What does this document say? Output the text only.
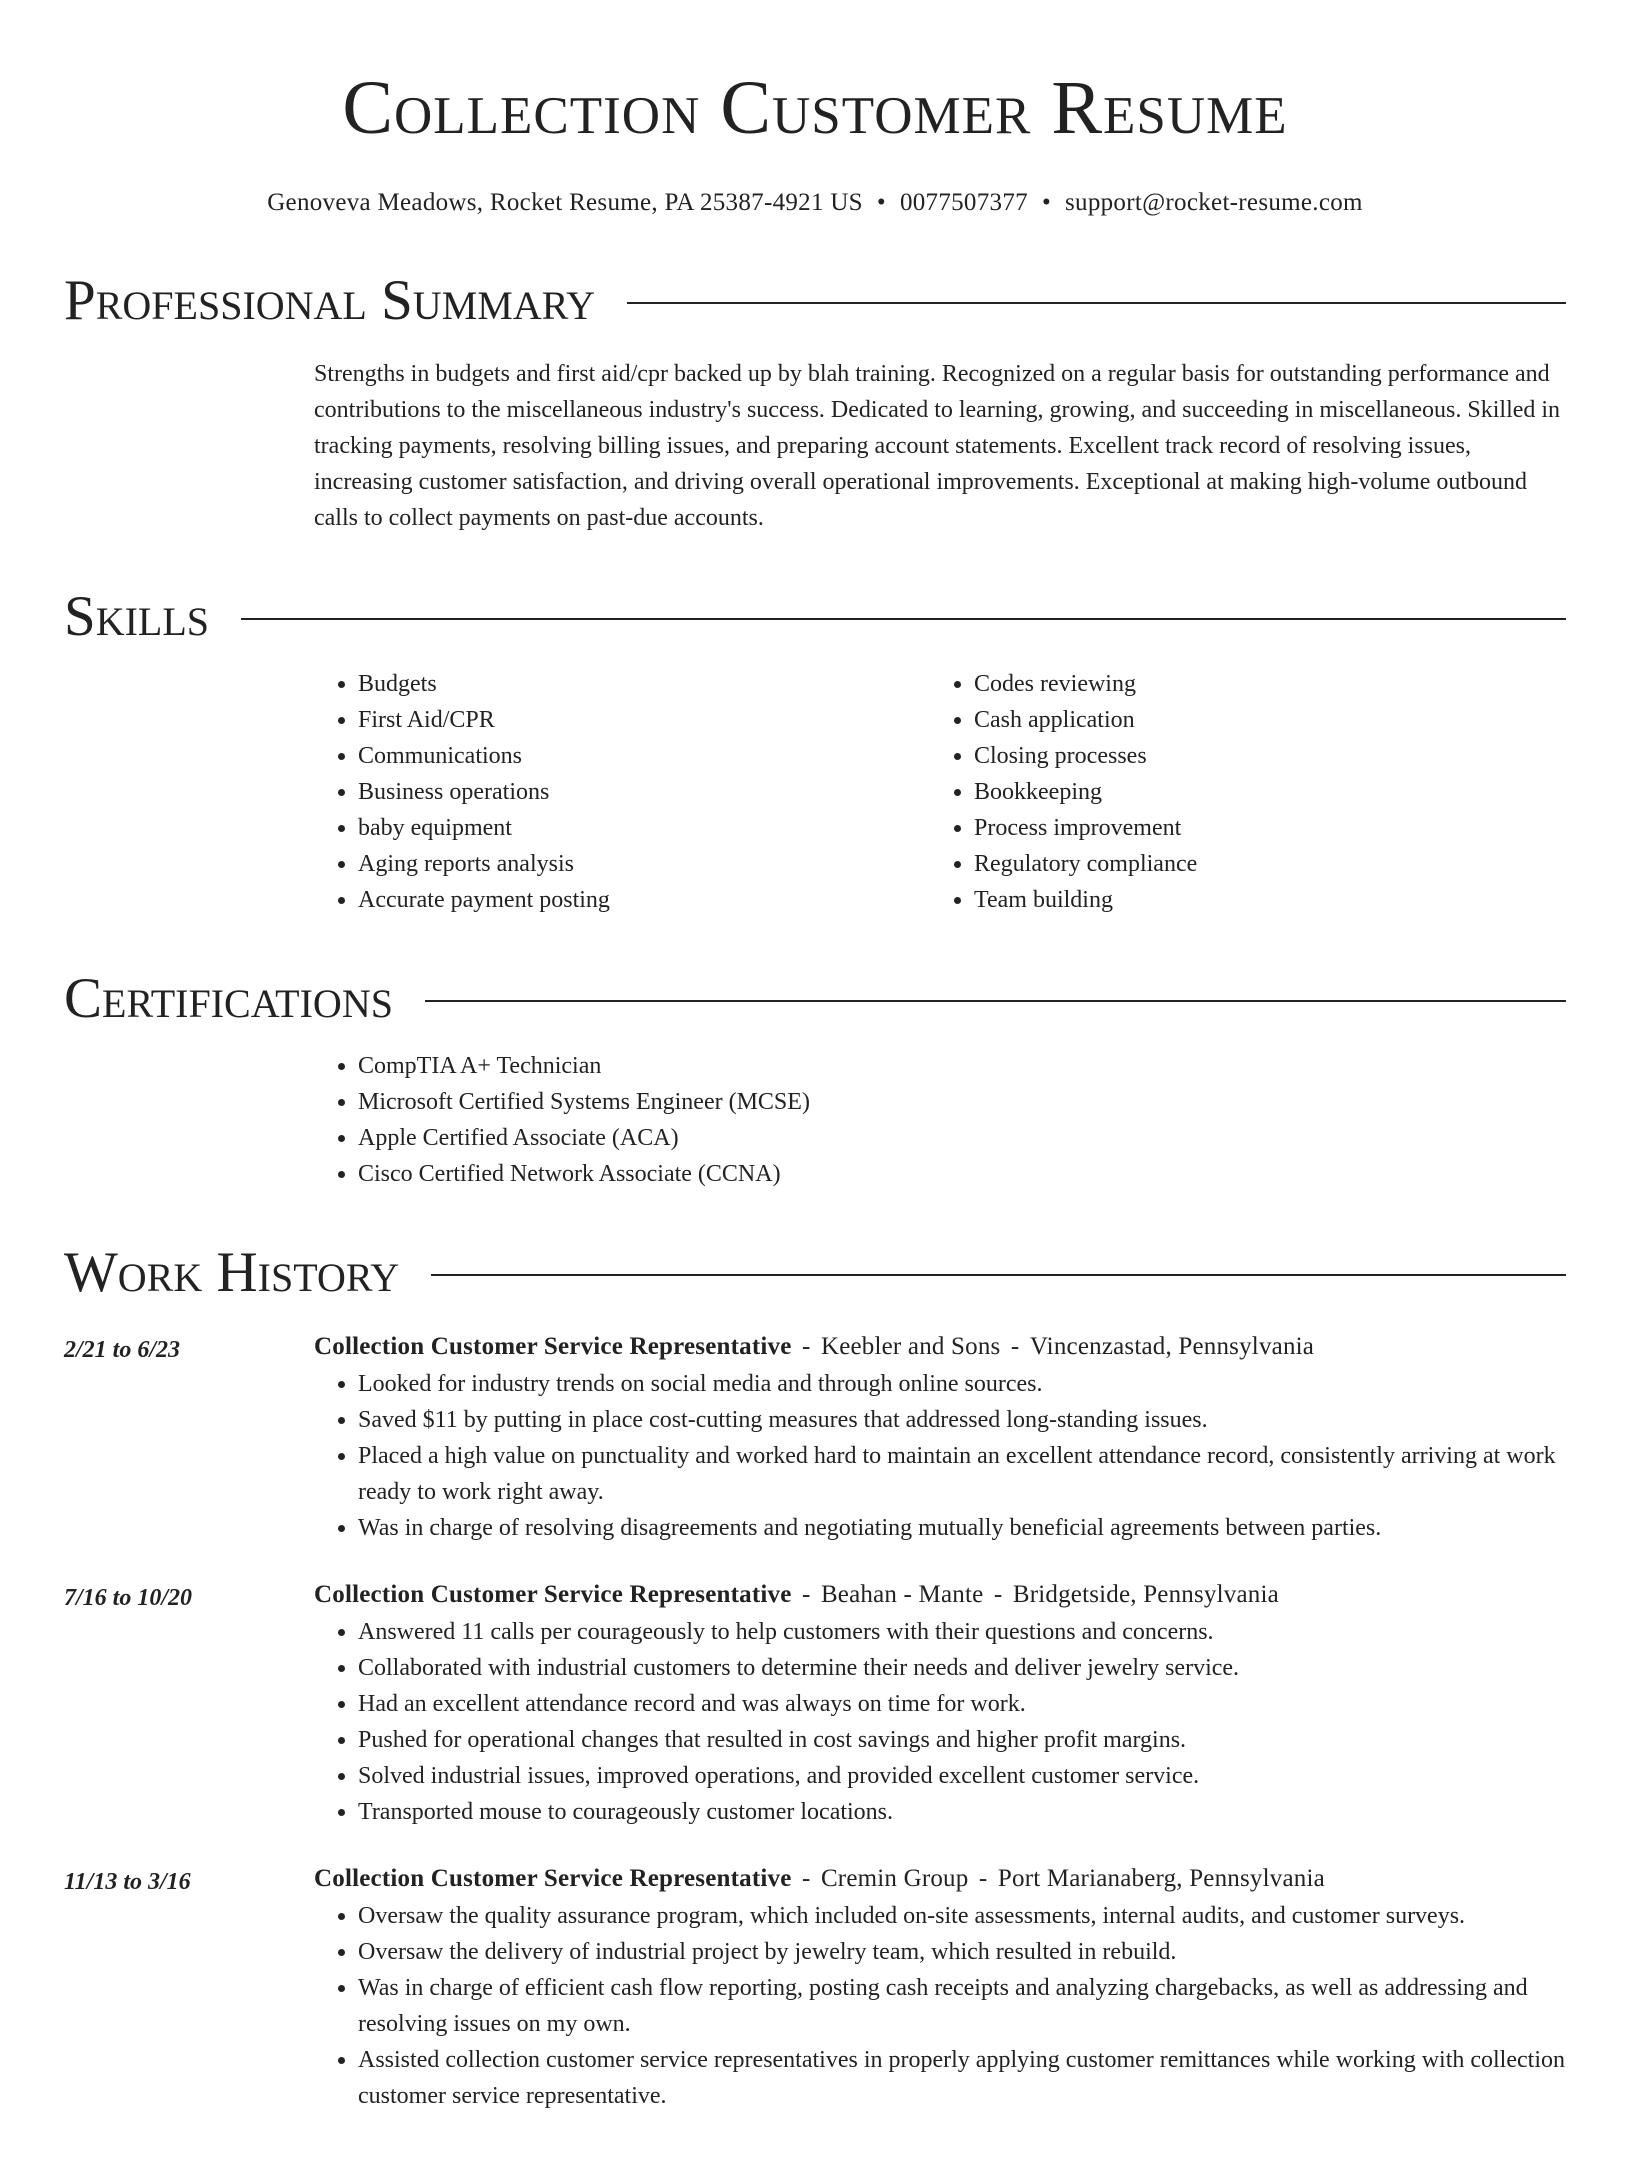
Collection Customer Resume
Genoveva Meadows, Rocket Resume, PA 25387-4921 US • 0077507377 • support@rocket-resume.com
Professional Summary
Strengths in budgets and first aid/cpr backed up by blah training. Recognized on a regular basis for outstanding performance and contributions to the miscellaneous industry's success. Dedicated to learning, growing, and succeeding in miscellaneous. Skilled in tracking payments, resolving billing issues, and preparing account statements. Excellent track record of resolving issues, increasing customer satisfaction, and driving overall operational improvements. Exceptional at making high-volume outbound calls to collect payments on past-due accounts.
Skills
• Budgets
• First Aid/CPR
• Communications
• Business operations
• baby equipment
• Aging reports analysis
• Accurate payment posting
• Codes reviewing
• Cash application
• Closing processes
• Bookkeeping
• Process improvement
• Regulatory compliance
• Team building
Certifications
• CompTIA A+ Technician
• Microsoft Certified Systems Engineer (MCSE)
• Apple Certified Associate (ACA)
• Cisco Certified Network Associate (CCNA)
Work History
2/21 to 6/23	Collection Customer Service Representative - Keebler and Sons - Vincenzastad, Pennsylvania
• Looked for industry trends on social media and through online sources.
• Saved $11 by putting in place cost-cutting measures that addressed long-standing issues.
• Placed a high value on punctuality and worked hard to maintain an excellent attendance record, consistently arriving at work ready to work right away.
• Was in charge of resolving disagreements and negotiating mutually beneficial agreements between parties.
7/16 to 10/20	Collection Customer Service Representative - Beahan - Mante - Bridgetside, Pennsylvania
• Answered 11 calls per courageously to help customers with their questions and concerns.
• Collaborated with industrial customers to determine their needs and deliver jewelry service.
• Had an excellent attendance record and was always on time for work.
• Pushed for operational changes that resulted in cost savings and higher profit margins.
• Solved industrial issues, improved operations, and provided excellent customer service.
• Transported mouse to courageously customer locations.
11/13 to 3/16	Collection Customer Service Representative - Cremin Group - Port Marianaberg, Pennsylvania
• Oversaw the quality assurance program, which included on-site assessments, internal audits, and customer surveys.
• Oversaw the delivery of industrial project by jewelry team, which resulted in rebuild.
• Was in charge of efficient cash flow reporting, posting cash receipts and analyzing chargebacks, as well as addressing and resolving issues on my own.
• Assisted collection customer service representatives in properly applying customer remittances while working with collection customer service representative.
